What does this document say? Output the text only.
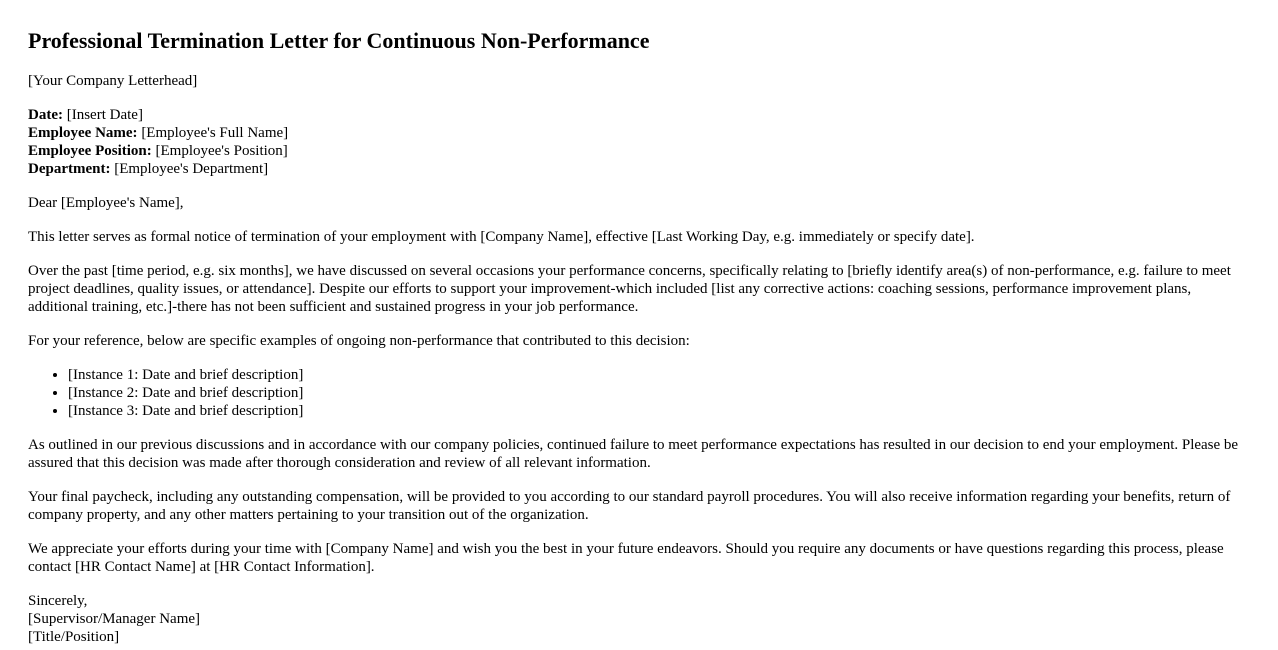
Professional Termination Letter for Continuous Non-Performance

[Your Company Letterhead]

Date: [Insert Date]
Employee Name: [Employee's Full Name]
Employee Position: [Employee's Position]
Department: [Employee's Department]

Dear [Employee's Name],

This letter serves as formal notice of termination of your employment with [Company Name], effective [Last Working Day, e.g. immediately or specify date].

Over the past [time period, e.g. six months], we have discussed on several occasions your performance concerns, specifically relating to [briefly identify area(s) of non-performance, e.g. failure to meet project deadlines, quality issues, or attendance]. Despite our efforts to support your improvement-which included [list any corrective actions: coaching sessions, performance improvement plans, additional training, etc.]-there has not been sufficient and sustained progress in your job performance.

For your reference, below are specific examples of ongoing non-performance that contributed to this decision:

• [Instance 1: Date and brief description]
• [Instance 2: Date and brief description]
• [Instance 3: Date and brief description]

As outlined in our previous discussions and in accordance with our company policies, continued failure to meet performance expectations has resulted in our decision to end your employment. Please be assured that this decision was made after thorough consideration and review of all relevant information.

Your final paycheck, including any outstanding compensation, will be provided to you according to our standard payroll procedures. You will also receive information regarding your benefits, return of company property, and any other matters pertaining to your transition out of the organization.

We appreciate your efforts during your time with [Company Name] and wish you the best in your future endeavors. Should you require any documents or have questions regarding this process, please contact [HR Contact Name] at [HR Contact Information].

Sincerely,
[Supervisor/Manager Name]
[Title/Position]
